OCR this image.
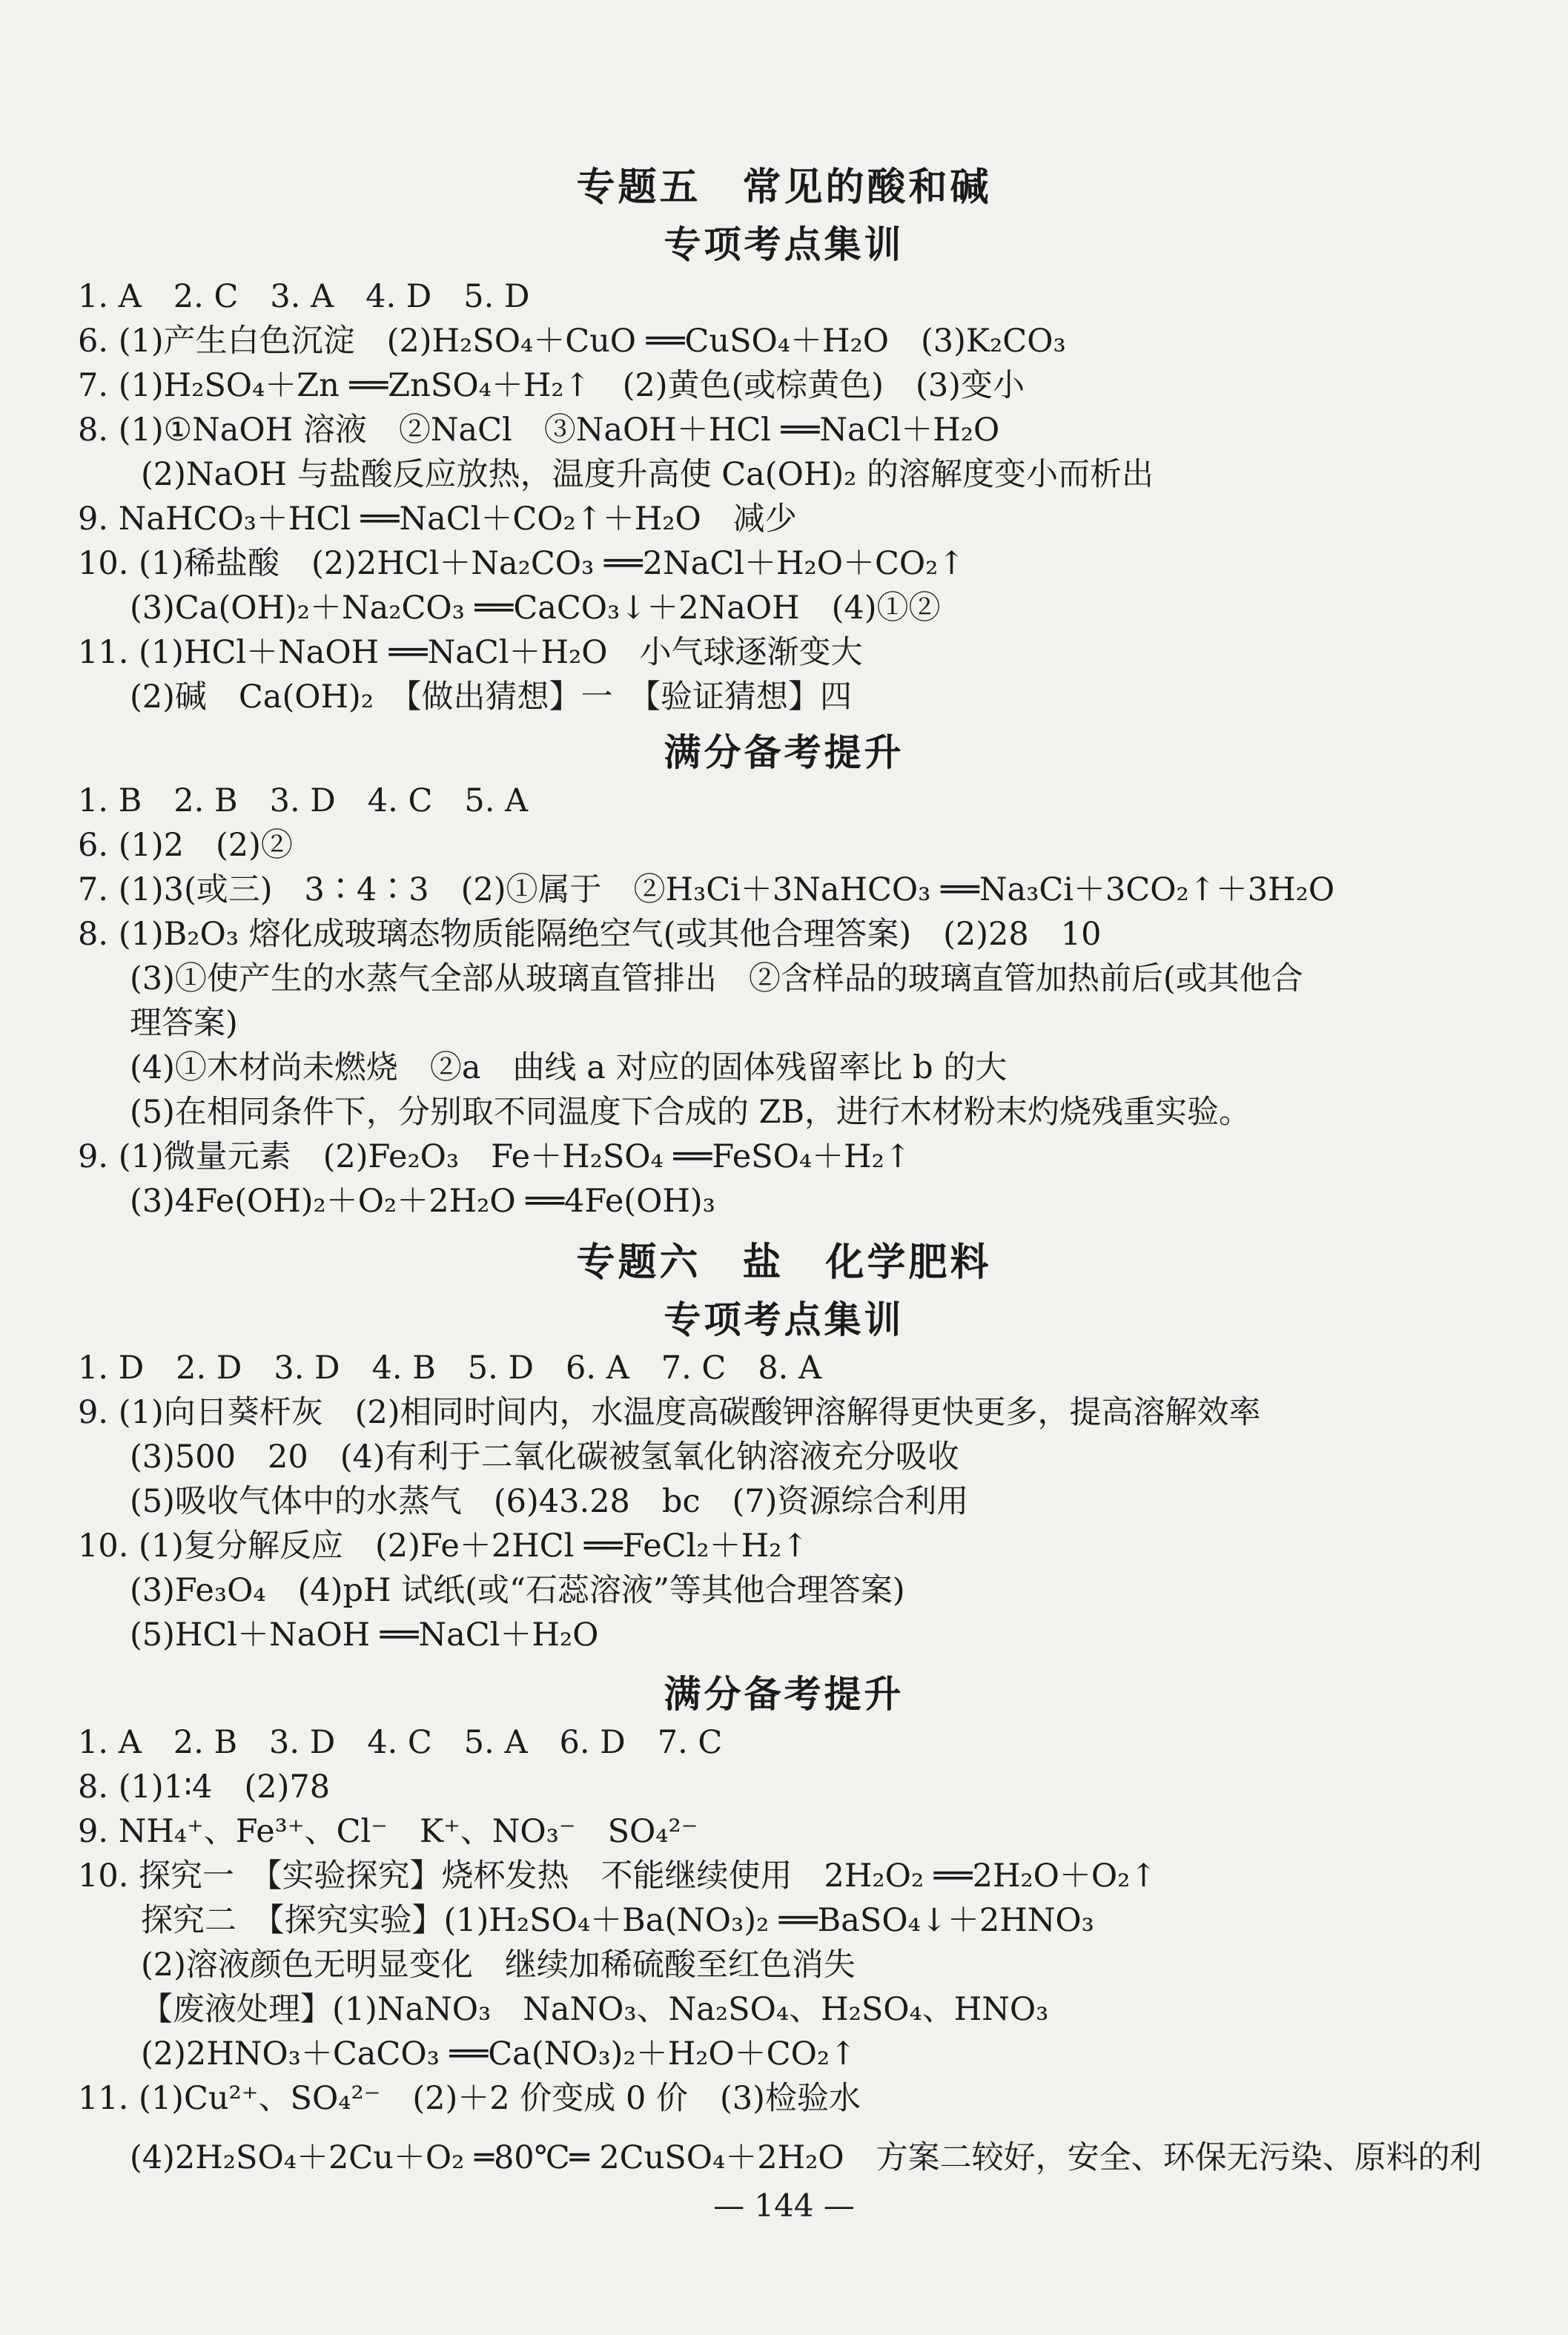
专题五　常见的酸和碱
专项考点集训

1. A　2. C　3. A　4. D　5. D

6. (1)产生白色沉淀　(2)H₂SO₄＋CuO ══CuSO₄＋H₂O　(3)K₂CO₃

7. (1)H₂SO₄＋Zn ══ZnSO₄＋H₂↑　(2)黄色(或棕黄色)　(3)变小

8. (1)①NaOH 溶液　②NaCl　③NaOH＋HCl ══NaCl＋H₂O

(2)NaOH 与盐酸反应放热，温度升高使 Ca(OH)₂ 的溶解度变小而析出

9. NaHCO₃＋HCl ══NaCl＋CO₂↑＋H₂O　减少

10. (1)稀盐酸　(2)2HCl＋Na₂CO₃ ══2NaCl＋H₂O＋CO₂↑

(3)Ca(OH)₂＋Na₂CO₃ ══CaCO₃↓＋2NaOH　(4)①②

11. (1)HCl＋NaOH ══NaCl＋H₂O　小气球逐渐变大

(2)碱　Ca(OH)₂　【做出猜想】一　【验证猜想】四

满分备考提升

1. B　2. B　3. D　4. C　5. A

6. (1)2　(2)②

7. (1)3(或三)　3∶4∶3　(2)①属于　②H₃Ci＋3NaHCO₃ ══Na₃Ci＋3CO₂↑＋3H₂O

8. (1)B₂O₃ 熔化成玻璃态物质能隔绝空气(或其他合理答案)　(2)28　10

(3)①使产生的水蒸气全部从玻璃直管排出　②含样品的玻璃直管加热前后(或其他合

理答案)

(4)①木材尚未燃烧　②a　曲线 a 对应的固体残留率比 b 的大

(5)在相同条件下，分别取不同温度下合成的 ZB，进行木材粉末灼烧残重实验。

9. (1)微量元素　(2)Fe₂O₃　Fe＋H₂SO₄ ══FeSO₄＋H₂↑

(3)4Fe(OH)₂＋O₂＋2H₂O ══4Fe(OH)₃

专题六　盐　化学肥料
专项考点集训

1. D　2. D　3. D　4. B　5. D　6. A　7. C　8. A

9. (1)向日葵杆灰　(2)相同时间内，水温度高碳酸钾溶解得更快更多，提高溶解效率

(3)500　20　(4)有利于二氧化碳被氢氧化钠溶液充分吸收

(5)吸收气体中的水蒸气　(6)43.28　bc　(7)资源综合利用

10. (1)复分解反应　(2)Fe＋2HCl ══FeCl₂＋H₂↑

(3)Fe₃O₄　(4)pH 试纸(或“石蕊溶液”等其他合理答案)

(5)HCl＋NaOH ══NaCl＋H₂O

满分备考提升

1. A　2. B　3. D　4. C　5. A　6. D　7. C

8. (1)1∶4　(2)78

9. NH₄⁺、Fe³⁺、Cl⁻　K⁺、NO₃⁻　SO₄²⁻

10. 探究一　【实验探究】烧杯发热　不能继续使用　2H₂O₂ ══2H₂O＋O₂↑

探究二　【探究实验】(1)H₂SO₄＋Ba(NO₃)₂ ══BaSO₄↓＋2HNO₃

(2)溶液颜色无明显变化　继续加稀硫酸至红色消失

【废液处理】(1)NaNO₃　NaNO₃、Na₂SO₄、H₂SO₄、HNO₃

(2)2HNO₃＋CaCO₃ ══Ca(NO₃)₂＋H₂O＋CO₂↑

11. (1)Cu²⁺、SO₄²⁻　(2)＋2 价变成 0 价　(3)检验水

(4)2H₂SO₄＋2Cu＋O₂ ═80℃═ 2CuSO₄＋2H₂O　方案二较好，安全、环保无污染、原料的利

— 144 —
